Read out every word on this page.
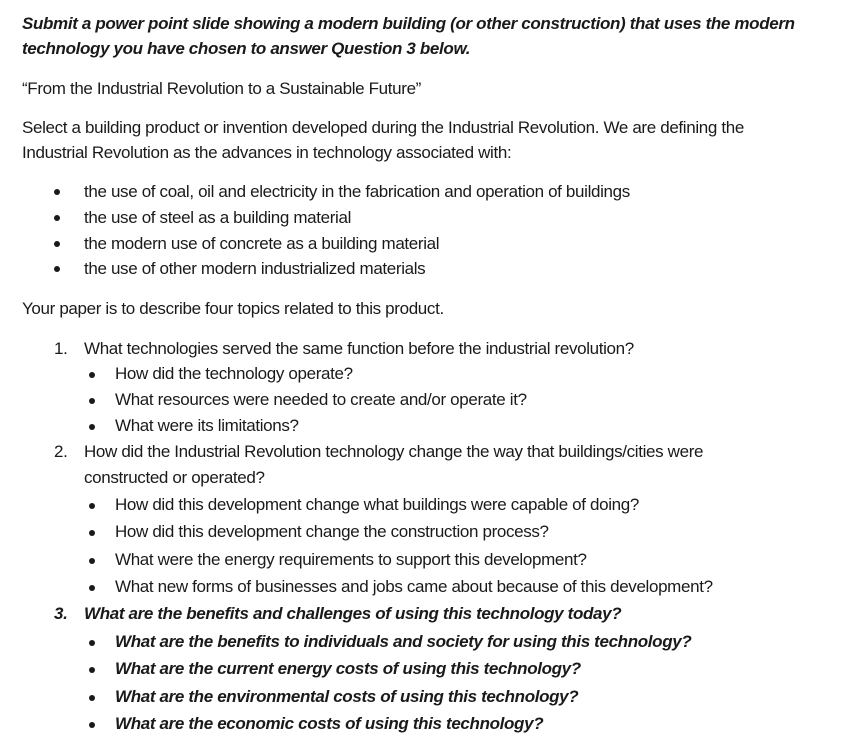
Submit a power point slide showing a modern building (or other construction) that uses the modern
technology you have chosen to answer Question 3 below.
“From the Industrial Revolution to a Sustainable Future”
Select a building product or invention developed during the Industrial Revolution. We are defining the
Industrial Revolution as the advances in technology associated with:
the use of coal, oil and electricity in the fabrication and operation of buildings
the use of steel as a building material
the modern use of concrete as a building material
the use of other modern industrialized materials
Your paper is to describe four topics related to this product.
1. What technologies served the same function before the industrial revolution?
How did the technology operate?
What resources were needed to create and/or operate it?
What were its limitations?
2. How did the Industrial Revolution technology change the way that buildings/cities were
constructed or operated?
How did this development change what buildings were capable of doing?
How did this development change the construction process?
What were the energy requirements to support this development?
What new forms of businesses and jobs came about because of this development?
3. What are the benefits and challenges of using this technology today?
What are the benefits to individuals and society for using this technology?
What are the current energy costs of using this technology?
What are the environmental costs of using this technology?
What are the economic costs of using this technology?
